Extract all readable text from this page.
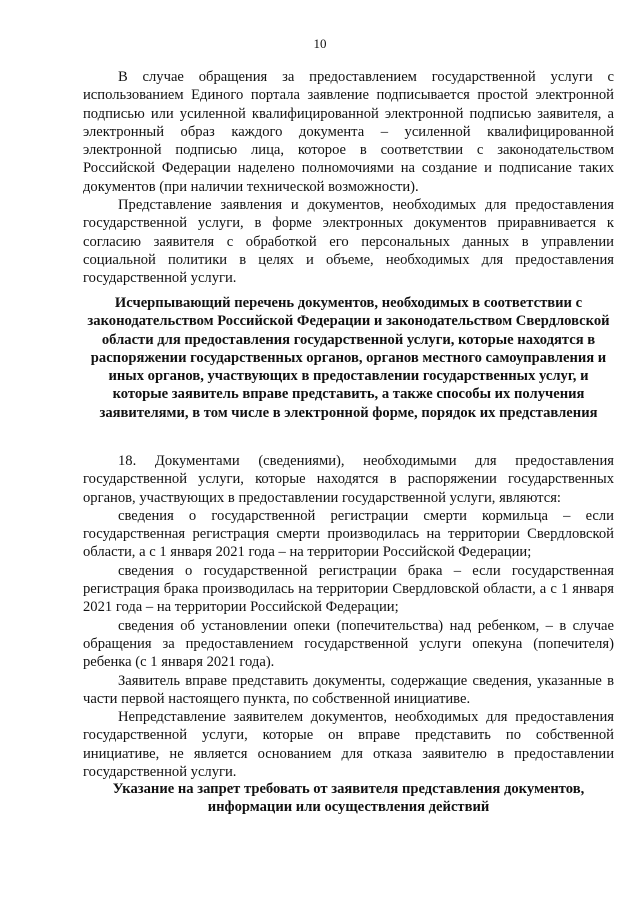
10

В случае обращения за предоставлением государственной услуги с использованием Единого портала заявление подписывается простой электронной подписью или усиленной квалифицированной электронной подписью заявителя, а электронный образ каждого документа – усиленной квалифицированной электронной подписью лица, которое в соответствии с законодательством Российской Федерации наделено полномочиями на создание и подписание таких документов (при наличии технической возможности).

Представление заявления и документов, необходимых для предоставления государственной услуги, в форме электронных документов приравнивается к согласию заявителя с обработкой его персональных данных в управлении социальной политики в целях и объеме, необходимых для предоставления государственной услуги.

Исчерпывающий перечень документов, необходимых в соответствии с законодательством Российской Федерации и законодательством Свердловской области для предоставления государственной услуги, которые находятся в распоряжении государственных органов, органов местного самоуправления и иных органов, участвующих в предоставлении государственных услуг, и которые заявитель вправе представить, а также способы их получения заявителями, в том числе в электронной форме, порядок их представления

18. Документами (сведениями), необходимыми для предоставления государственной услуги, которые находятся в распоряжении государственных органов, участвующих в предоставлении государственной услуги, являются:

сведения о государственной регистрации смерти кормильца – если государственная регистрация смерти производилась на территории Свердловской области, а с 1 января 2021 года – на территории Российской Федерации;

сведения о государственной регистрации брака – если государственная регистрация брака производилась на территории Свердловской области, а с 1 января 2021 года – на территории Российской Федерации;

сведения об установлении опеки (попечительства) над ребенком, – в случае обращения за предоставлением государственной услуги опекуна (попечителя) ребенка (с 1 января 2021 года).

Заявитель вправе представить документы, содержащие сведения, указанные в части первой настоящего пункта, по собственной инициативе.

Непредставление заявителем документов, необходимых для предоставления государственной услуги, которые он вправе представить по собственной инициативе, не является основанием для отказа заявителю в предоставлении государственной услуги.

Указание на запрет требовать от заявителя представления документов, информации или осуществления действий
